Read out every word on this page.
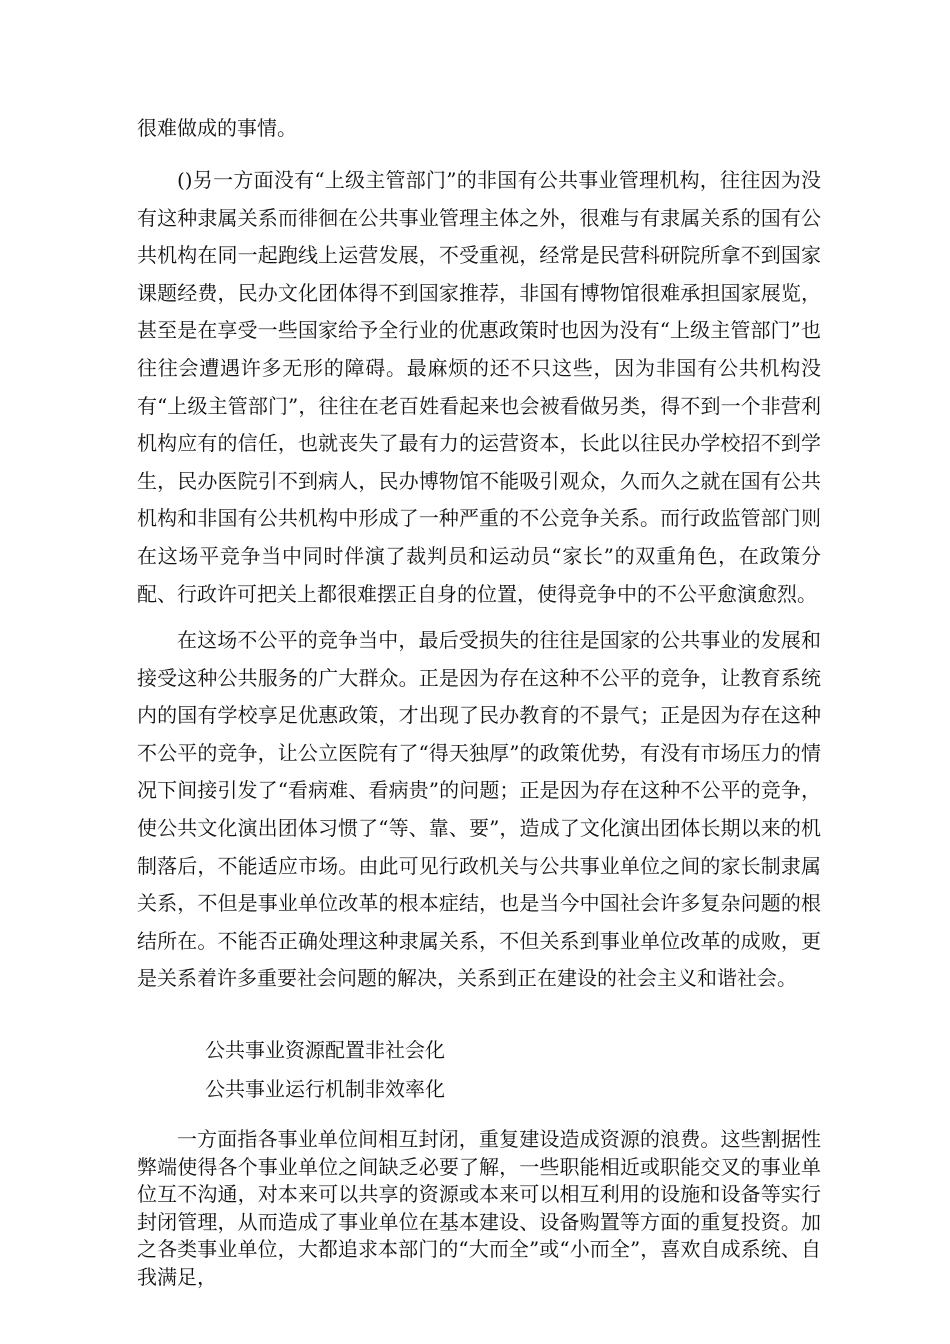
很难做成的事情。

()另一方面没有“上级主管部门”的非国有公共事业管理机构，往往因为没有这种隶属关系而徘徊在公共事业管理主体之外，很难与有隶属关系的国有公共机构在同一起跑线上运营发展，不受重视，经常是民营科研院所拿不到国家课题经费，民办文化团体得不到国家推荐，非国有博物馆很难承担国家展览，甚至是在享受一些国家给予全行业的优惠政策时也因为没有“上级主管部门”也往往会遭遇许多无形的障碍。最麻烦的还不只这些，因为非国有公共机构没有“上级主管部门”，往往在老百姓看起来也会被看做另类，得不到一个非营利机构应有的信任，也就丧失了最有力的运营资本，长此以往民办学校招不到学生，民办医院引不到病人，民办博物馆不能吸引观众，久而久之就在国有公共机构和非国有公共机构中形成了一种严重的不公竞争关系。而行政监管部门则在这场平竞争当中同时伴演了裁判员和运动员“家长”的双重角色，在政策分配、行政许可把关上都很难摆正自身的位置，使得竞争中的不公平愈演愈烈。

在这场不公平的竞争当中，最后受损失的往往是国家的公共事业的发展和接受这种公共服务的广大群众。正是因为存在这种不公平的竞争，让教育系统内的国有学校享足优惠政策，才出现了民办教育的不景气；正是因为存在这种不公平的竞争，让公立医院有了“得天独厚”的政策优势，有没有市场压力的情况下间接引发了“看病难、看病贵”的问题；正是因为存在这种不公平的竞争，使公共文化演出团体习惯了“等、靠、要”，造成了文化演出团体长期以来的机制落后，不能适应市场。由此可见行政机关与公共事业单位之间的家长制隶属关系，不但是事业单位改革的根本症结，也是当今中国社会许多复杂问题的根结所在。不能否正确处理这种隶属关系，不但关系到事业单位改革的成败，更是关系着许多重要社会问题的解决，关系到正在建设的社会主义和谐社会。

公共事业资源配置非社会化
公共事业运行机制非效率化

一方面指各事业单位间相互封闭，重复建设造成资源的浪费。这些割据性弊端使得各个事业单位之间缺乏必要了解，一些职能相近或职能交叉的事业单位互不沟通，对本来可以共享的资源或本来可以相互利用的设施和设备等实行封闭管理，从而造成了事业单位在基本建设、设备购置等方面的重复投资。加之各类事业单位，大都追求本部门的“大而全”或“小而全”，喜欢自成系统、自我满足，
